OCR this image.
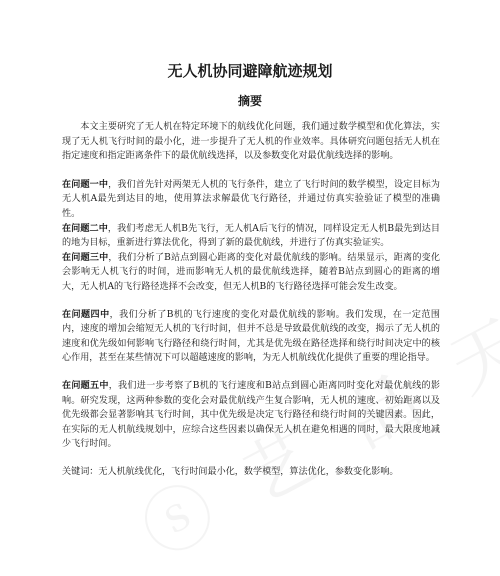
无人机协同避障航迹规划
摘要

本文主要研究了无人机在特定环境下的航线优化问题，我们通过数学模型和优化算法，实现了无人机飞行时间的最小化，进一步提升了无人机的作业效率。具体研究问题包括无人机在指定速度和指定距离条件下的最优航线选择，以及参数变化对最优航线选择的影响。

在问题一中，我们首先针对两架无人机的飞行条件，建立了飞行时间的数学模型，设定目标为无人机A最先到达目的地，使用算法求解最优飞行路径，并通过仿真实验验证了模型的准确性。

在问题二中，我们考虑无人机B先飞行，无人机A后飞行的情况，同样设定无人机B最先到达目的地为目标，重新进行算法优化，得到了新的最优航线，并进行了仿真实验证实。

在问题三中，我们分析了B站点到圆心距离的变化对最优航线的影响。结果显示，距离的变化会影响无人机飞行的时间，进而影响无人机的最优航线选择，随着B站点到圆心的距离的增大，无人机A的飞行路径选择不会改变，但无人机B的飞行路径选择可能会发生改变。

在问题四中，我们分析了B机的飞行速度的变化对最优航线的影响。我们发现，在一定范围内，速度的增加会缩短无人机的飞行时间，但并不总是导致最优航线的改变，揭示了无人机的速度和优先级如何影响飞行路径和绕行时间，尤其是优先级在路径选择和绕行时间决定中的核心作用，甚至在某些情况下可以超越速度的影响，为无人机航线优化提供了重要的理论指导。

在问题五中，我们进一步考察了B机的飞行速度和B站点到圆心距离同时变化对最优航线的影响。研究发现，这两种参数的变化会对最优航线产生复合影响，无人机的速度、初始距离以及优先级都会显著影响其飞行时间，其中优先级是决定飞行路径和绕行时间的关键因素。因此，在实际的无人机航线规划中，应综合这些因素以确保无人机在避免相遇的同时，最大限度地减少飞行时间。

关键词：无人机航线优化，飞行时间最小化，数学模型，算法优化，参数变化影响。
